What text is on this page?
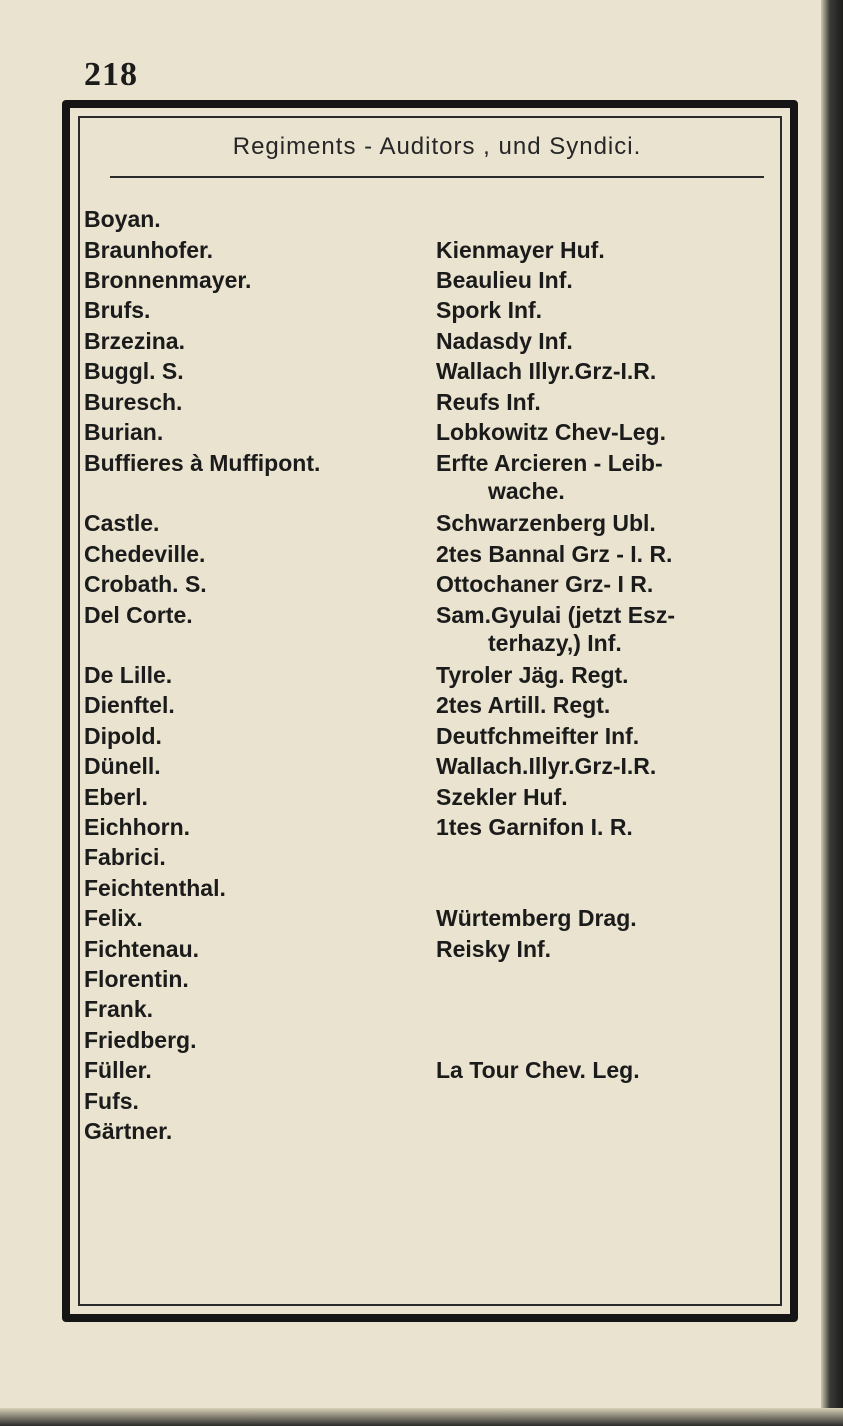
218
Regiments - Auditors , und Syndici.
Boyan.
Braunhofer.	Kienmayer Huf.
Bronnenmayer.	Beaulieu Inf.
Brufs.	Spork Inf.
Brzezina.	Nadasdy Inf.
Buggl. S.	Wallach Illyr.Grz-I.R.
Buresch.	Reufs Inf.
Burian.	Lobkowitz Chev-Leg.
Buffieres à Muffipont.	Erfte Arcieren - Leib-
wache.
Castle.	Schwarzenberg Ubl.
Chedeville.	2tes Bannal Grz - I. R.
Crobath. S.	Ottochaner Grz- I R.
Del Corte.	Sam.Gyulai (jetzt Esz-
terhazy,) Inf.
De Lille.	Tyroler Jäg. Regt.
Dienftel.	2tes Artill. Regt.
Dipold.	Deutfchmeifter Inf.
Dünell.	Wallach.Illyr.Grz-I.R.
Eberl.	Szekler Huf.
Eichhorn.	1tes Garnifon I. R.
Fabrici.
Feichtenthal.
Felix.	Würtemberg Drag.
Fichtenau.	Reisky Inf.
Florentin.
Frank.
Friedberg.
Füller.	La Tour Chev. Leg.
Fufs.
Gärtner.
